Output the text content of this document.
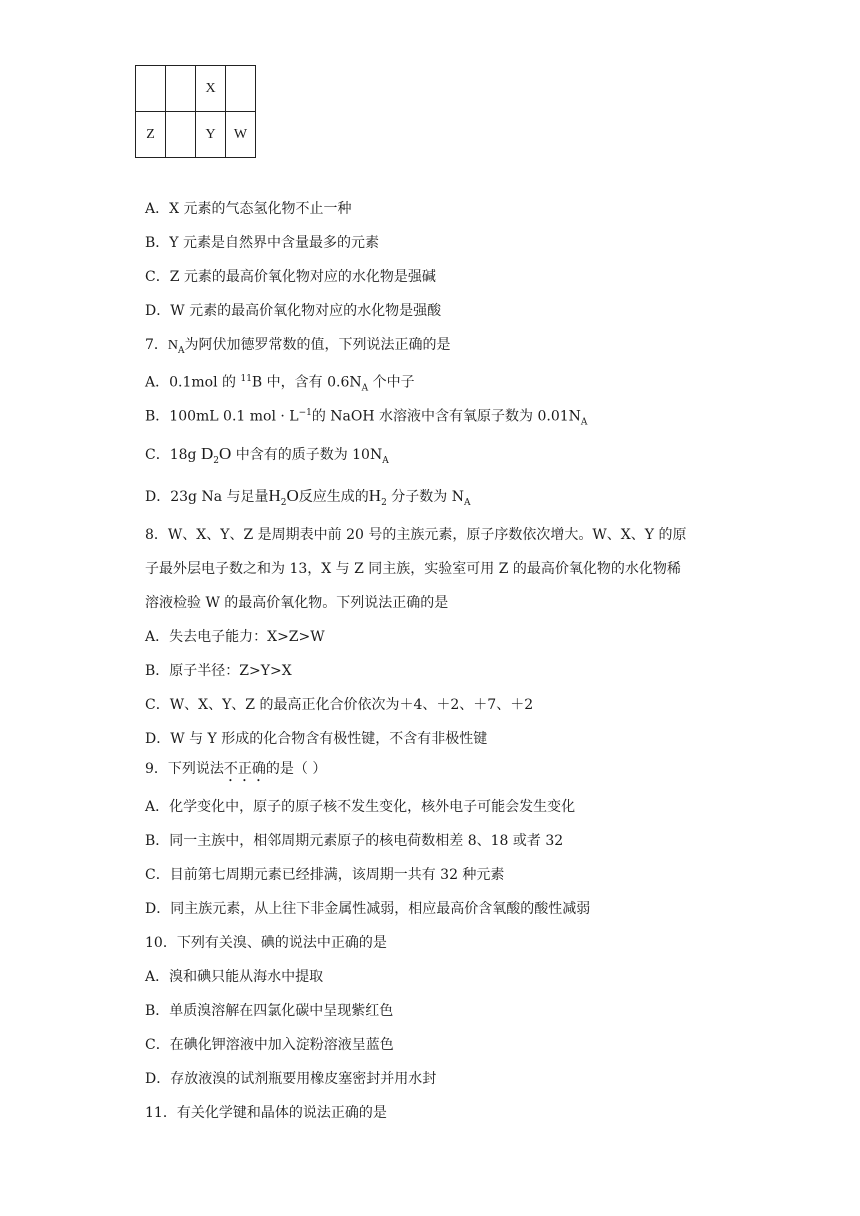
		X	
Z		Y	W
A．X 元素的气态氢化物不止一种
B．Y 元素是自然界中含量最多的元素
C．Z 元素的最高价氧化物对应的水化物是强碱
D．W 元素的最高价氧化物对应的水化物是强酸
7．$N_A$为阿伏加德罗常数的值，下列说法正确的是
A．0.1mol 的 $^{11}$B 中，含有 $0.6N_A$ 个中子
B．100mL 0.1 mol · $L^{-1}$的 NaOH 水溶液中含有氧原子数为 $0.01N_A$
C．18g $D_2O$ 中含有的质子数为 $10N_A$
D．23g Na 与足量$H_2O$反应生成的$H_2$ 分子数为 $N_A$
8．W、X、Y、Z 是周期表中前 20 号的主族元素，原子序数依次增大。W、X、Y 的原
子最外层电子数之和为 13，X 与 Z 同主族，实验室可用 Z 的最高价氧化物的水化物稀
溶液检验 W 的最高价氧化物。下列说法正确的是
A．失去电子能力：X>Z>W
B．原子半径：Z>Y>X
C．W、X、Y、Z 的最高正化合价依次为＋4、＋2、＋7、＋2
D．W 与 Y 形成的化合物含有极性键，不含有非极性键
9．下列说法不正确的是（ ）
A．化学变化中，原子的原子核不发生变化，核外电子可能会发生变化
B．同一主族中，相邻周期元素原子的核电荷数相差 8、18 或者 32
C．目前第七周期元素已经排满，该周期一共有 32 种元素
D．同主族元素，从上往下非金属性减弱，相应最高价含氧酸的酸性减弱
10．下列有关溴、碘的说法中正确的是
A．溴和碘只能从海水中提取
B．单质溴溶解在四氯化碳中呈现紫红色
C．在碘化钾溶液中加入淀粉溶液呈蓝色
D．存放液溴的试剂瓶要用橡皮塞密封并用水封
11．有关化学键和晶体的说法正确的是
